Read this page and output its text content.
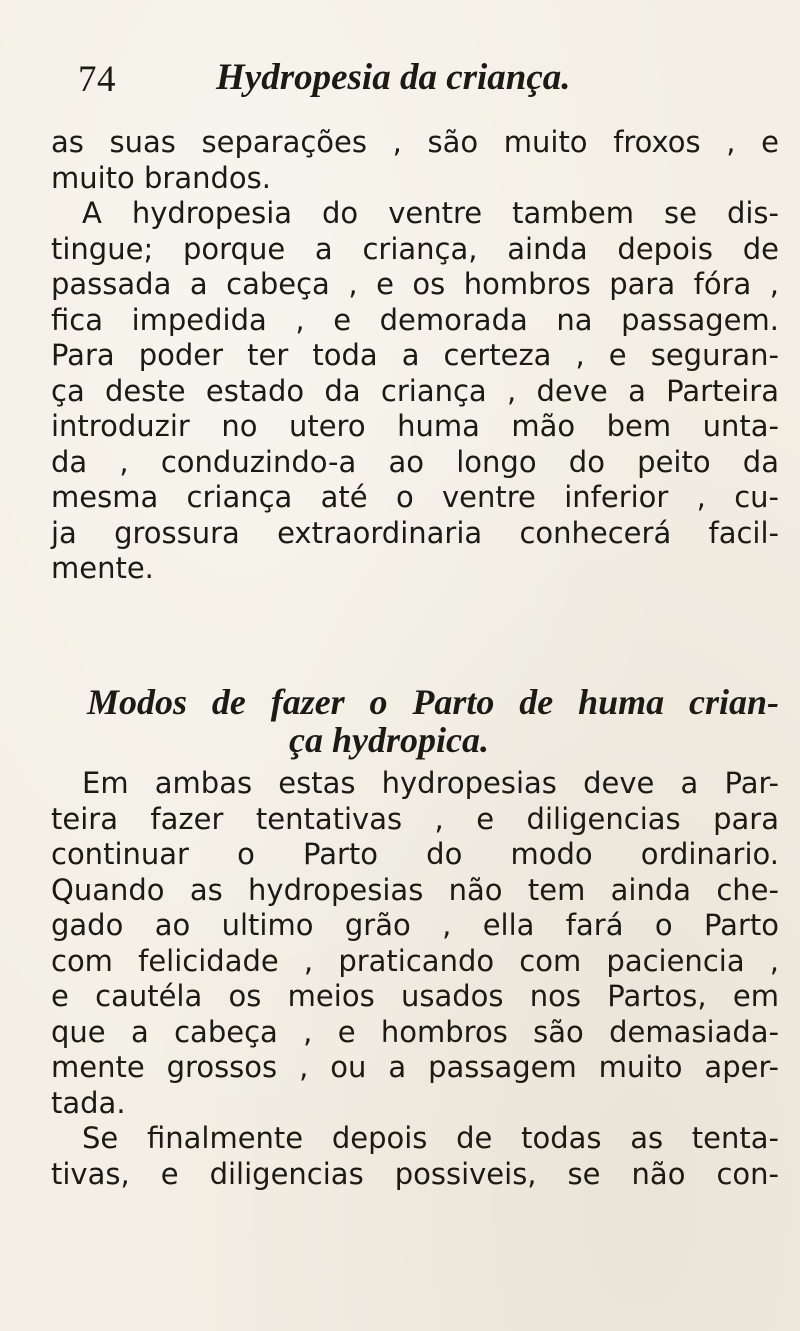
74	Hydropesia da criança.
as suas separações , são muito froxos , e
muito brandos.
A hydropesia do ventre tambem se dis-
tingue; porque a criança, ainda depois de
passada a cabeça , e os hombros para fóra ,
fica impedida , e demorada na passagem.
Para poder ter toda a certeza , e seguran-
ça deste estado da criança , deve a Parteira
introduzir no utero huma mão bem unta-
da , conduzindo-a ao longo do peito da
mesma criança até o ventre inferior , cu-
ja grossura extraordinaria conhecerá facil-
mente.
Modos de fazer o Parto de huma crian-
ça hydropica.
Em ambas estas hydropesias deve a Par-
teira fazer tentativas , e diligencias para
continuar o Parto do modo ordinario.
Quando as hydropesias não tem ainda che-
gado ao ultimo grão , ella fará o Parto
com felicidade , praticando com paciencia ,
e cautéla os meios usados nos Partos, em
que a cabeça , e hombros são demasiada-
mente grossos , ou a passagem muito aper-
tada.
Se finalmente depois de todas as tenta-
tivas, e diligencias possiveis, se não con-
